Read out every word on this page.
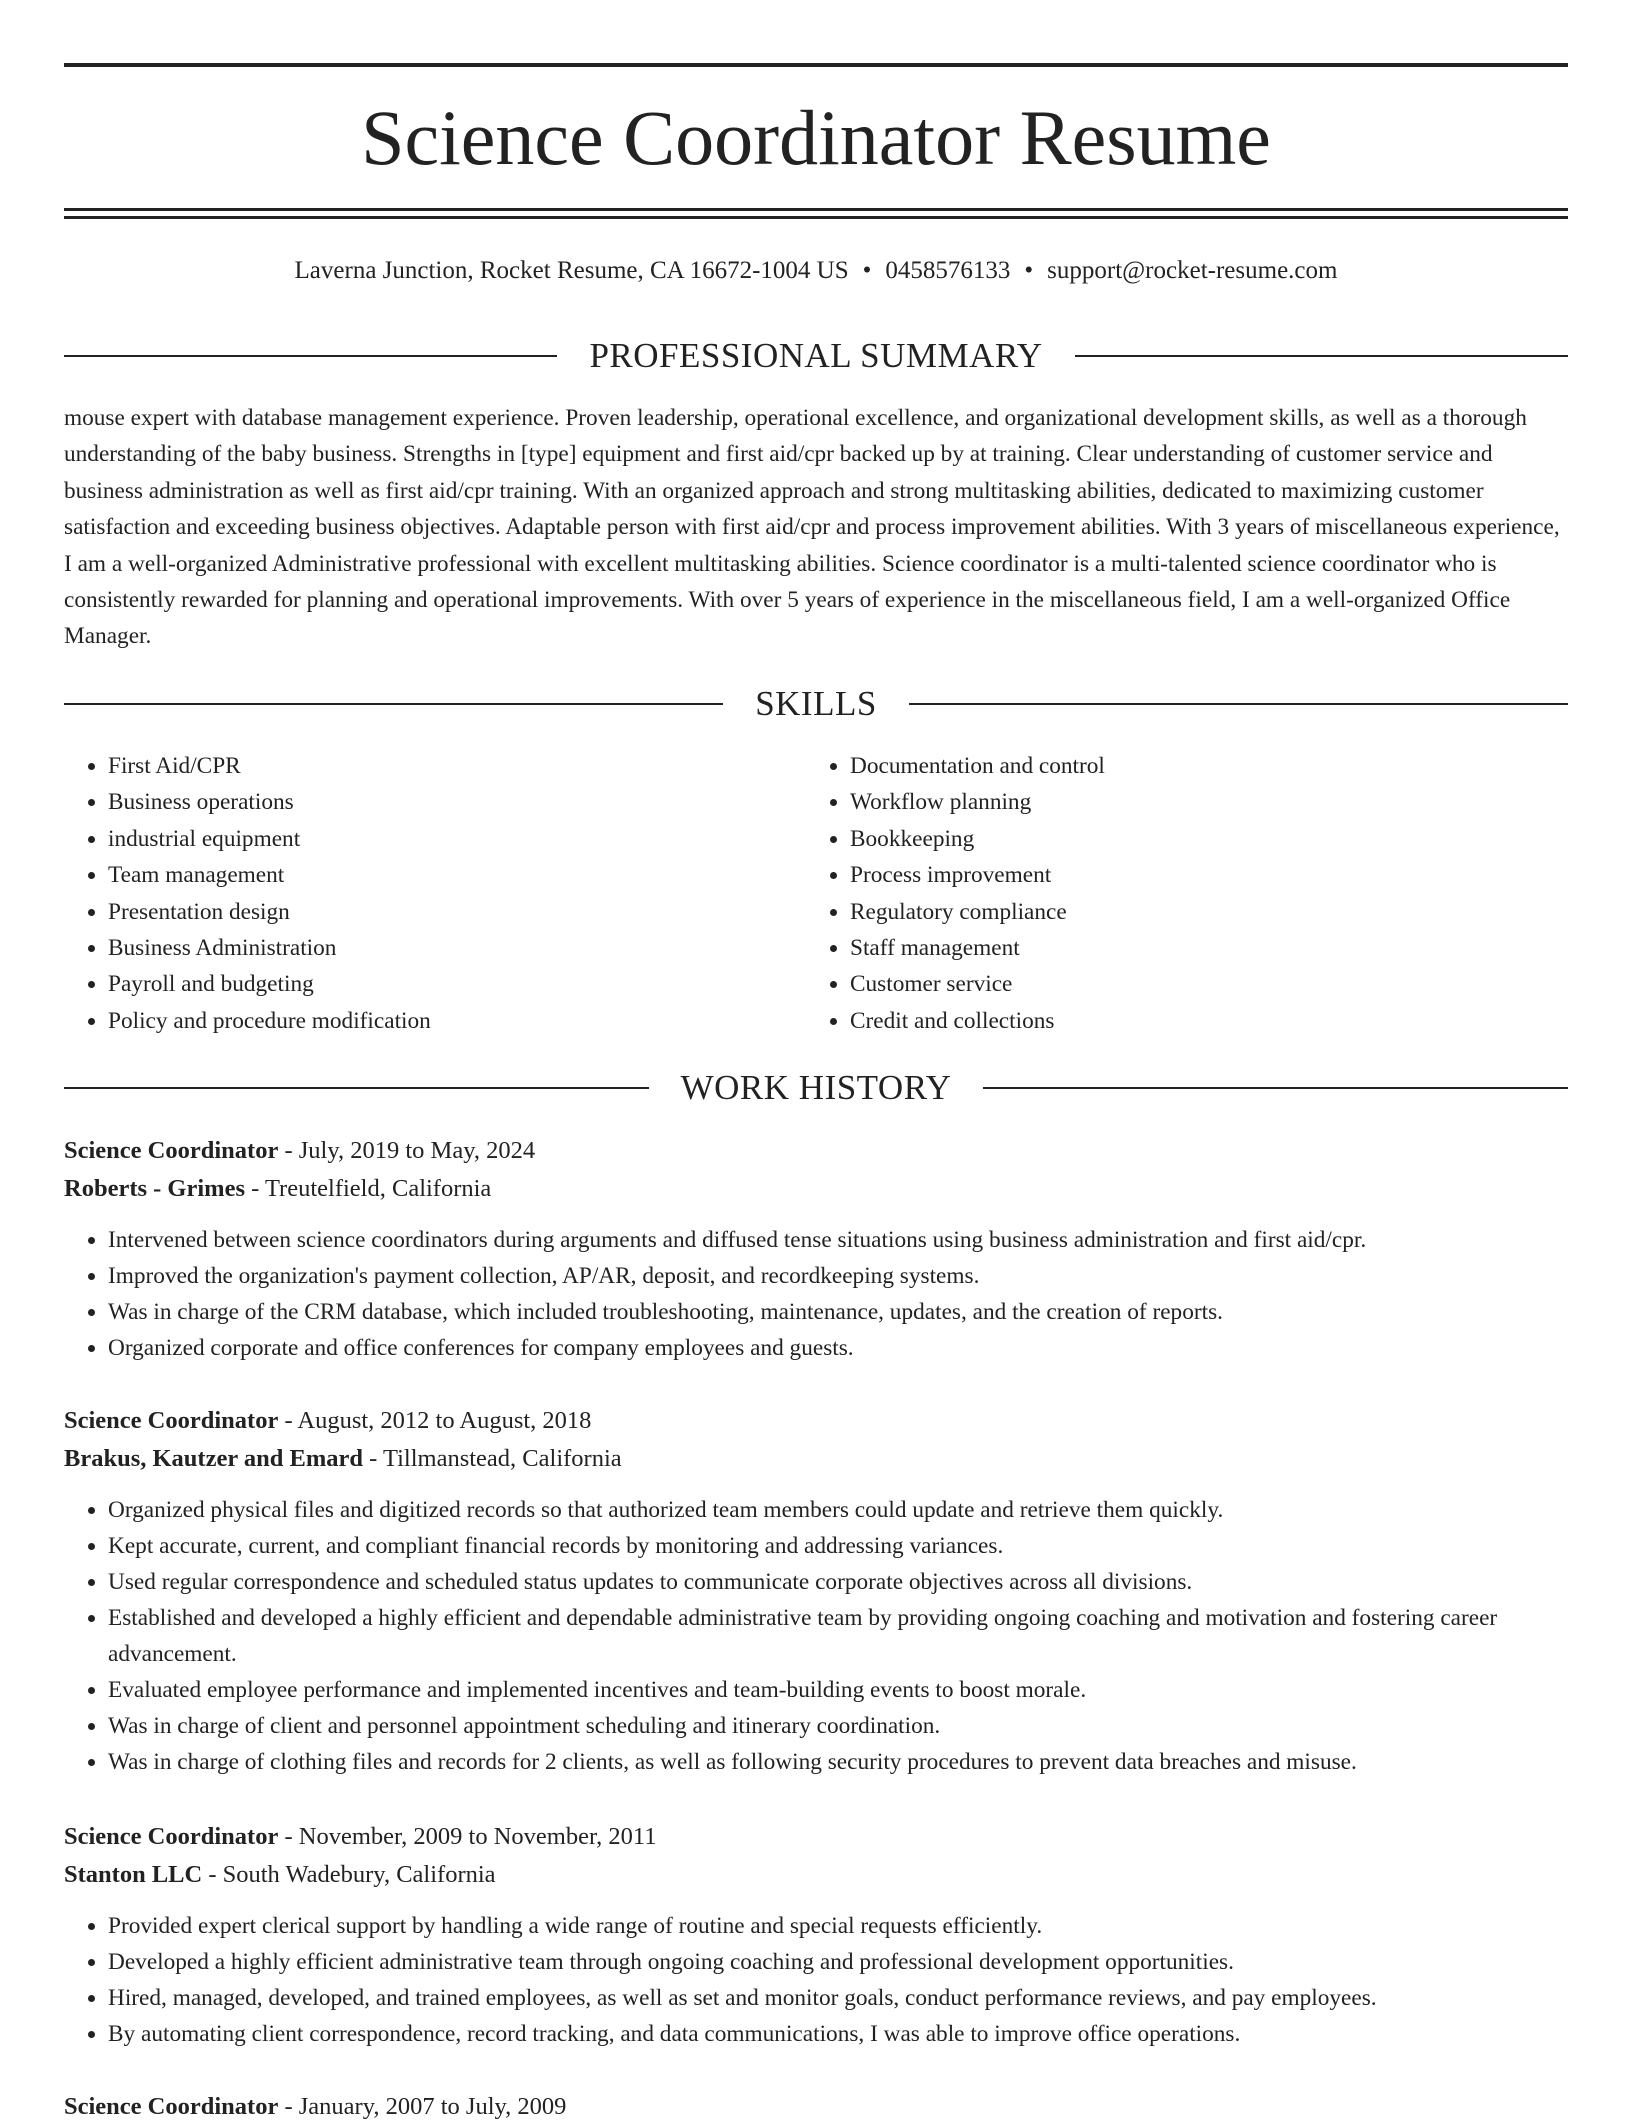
Science Coordinator Resume
Laverna Junction, Rocket Resume, CA 16672-1004 US • 0458576133 • support@rocket-resume.com
PROFESSIONAL SUMMARY

mouse expert with database management experience. Proven leadership, operational excellence, and organizational development skills, as well as a thorough understanding of the baby business. Strengths in [type] equipment and first aid/cpr backed up by at training. Clear understanding of customer service and business administration as well as first aid/cpr training. With an organized approach and strong multitasking abilities, dedicated to maximizing customer satisfaction and exceeding business objectives. Adaptable person with first aid/cpr and process improvement abilities. With 3 years of miscellaneous experience, I am a well-organized Administrative professional with excellent multitasking abilities. Science coordinator is a multi-talented science coordinator who is consistently rewarded for planning and operational improvements. With over 5 years of experience in the miscellaneous field, I am a well-organized Office Manager.

SKILLS
• First Aid/CPR
• Business operations
• industrial equipment
• Team management
• Presentation design
• Business Administration
• Payroll and budgeting
• Policy and procedure modification
• Documentation and control
• Workflow planning
• Bookkeeping
• Process improvement
• Regulatory compliance
• Staff management
• Customer service
• Credit and collections
WORK HISTORY
Science Coordinator - July, 2019 to May, 2024
Roberts - Grimes - Treutelfield, California
• Intervened between science coordinators during arguments and diffused tense situations using business administration and first aid/cpr.
• Improved the organization's payment collection, AP/AR, deposit, and recordkeeping systems.
• Was in charge of the CRM database, which included troubleshooting, maintenance, updates, and the creation of reports.
• Organized corporate and office conferences for company employees and guests.
Science Coordinator - August, 2012 to August, 2018
Brakus, Kautzer and Emard - Tillmanstead, California
• Organized physical files and digitized records so that authorized team members could update and retrieve them quickly.
• Kept accurate, current, and compliant financial records by monitoring and addressing variances.
• Used regular correspondence and scheduled status updates to communicate corporate objectives across all divisions.
• Established and developed a highly efficient and dependable administrative team by providing ongoing coaching and motivation and fostering career advancement.
• Evaluated employee performance and implemented incentives and team-building events to boost morale.
• Was in charge of client and personnel appointment scheduling and itinerary coordination.
• Was in charge of clothing files and records for 2 clients, as well as following security procedures to prevent data breaches and misuse.
Science Coordinator - November, 2009 to November, 2011
Stanton LLC - South Wadebury, California
• Provided expert clerical support by handling a wide range of routine and special requests efficiently.
• Developed a highly efficient administrative team through ongoing coaching and professional development opportunities.
• Hired, managed, developed, and trained employees, as well as set and monitor goals, conduct performance reviews, and pay employees.
• By automating client correspondence, record tracking, and data communications, I was able to improve office operations.
Science Coordinator - January, 2007 to July, 2009
